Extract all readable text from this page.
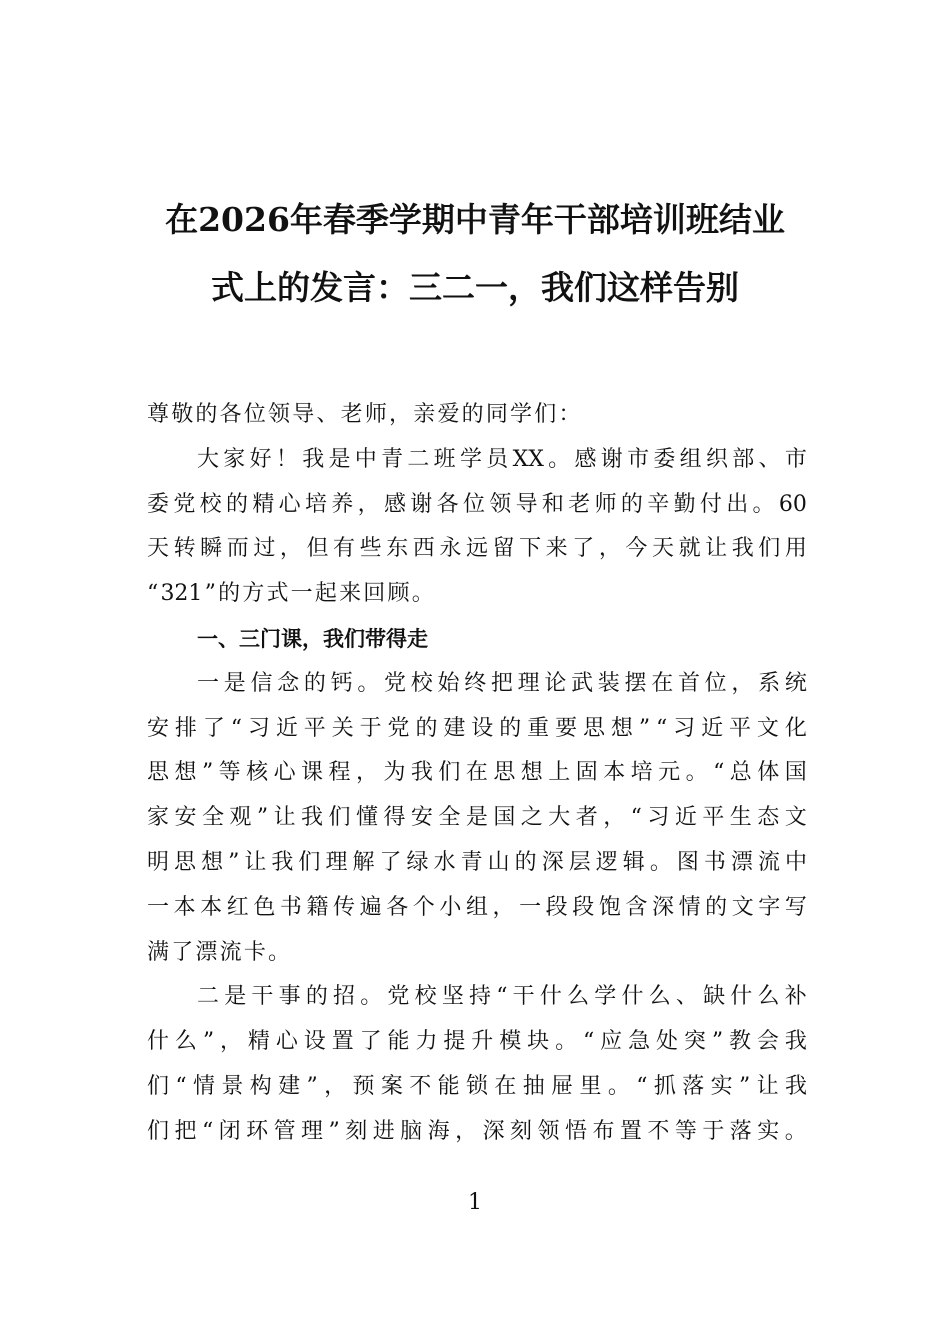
在2026年春季学期中青年干部培训班结业
式上的发言：三二一，我们这样告别
尊 敬 的 各 位 领 导 、 老 师 ， 亲 爱 的 同 学 们 ：
大 家 好 ！ 我 是 中 青 二 班 学 员 XX 。 感 谢 市 委 组 织 部 、 市
委 党 校 的 精 心 培 养 ， 感 谢 各 位 领 导 和 老 师 的 辛 勤 付 出 。 60
天 转 瞬 而 过 ， 但 有 些 东 西 永 远 留 下 来 了 ， 今 天 就 让 我 们 用
“ 321 ” 的 方 式 一 起 来 回 顾 。
一、三门课，我们带得走
一 是 信 念 的 钙 。 党 校 始 终 把 理 论 武 装 摆 在 首 位 ， 系 统
安 排 了 “ 习 近 平 关 于 党 的 建 设 的 重 要 思 想 ” “ 习 近 平 文 化
思 想 ” 等 核 心 课 程 ， 为 我 们 在 思 想 上 固 本 培 元 。 “ 总 体 国
家 安 全 观 ” 让 我 们 懂 得 安 全 是 国 之 大 者 ， “ 习 近 平 生 态 文
明 思 想 ” 让 我 们 理 解 了 绿 水 青 山 的 深 层 逻 辑 。 图 书 漂 流 中
一 本 本 红 色 书 籍 传 遍 各 个 小 组 ， 一 段 段 饱 含 深 情 的 文 字 写
满 了 漂 流 卡 。
二 是 干 事 的 招 。 党 校 坚 持 “ 干 什 么 学 什 么 、 缺 什 么 补
什 么 ” ， 精 心 设 置 了 能 力 提 升 模 块 。 “ 应 急 处 突 ” 教 会 我
们 “ 情 景 构 建 ” ， 预 案 不 能 锁 在 抽 屉 里 。 “ 抓 落 实 ” 让 我
们 把 “ 闭 环 管 理 ” 刻 进 脑 海 ， 深 刻 领 悟 布 置 不 等 于 落 实 。
1
